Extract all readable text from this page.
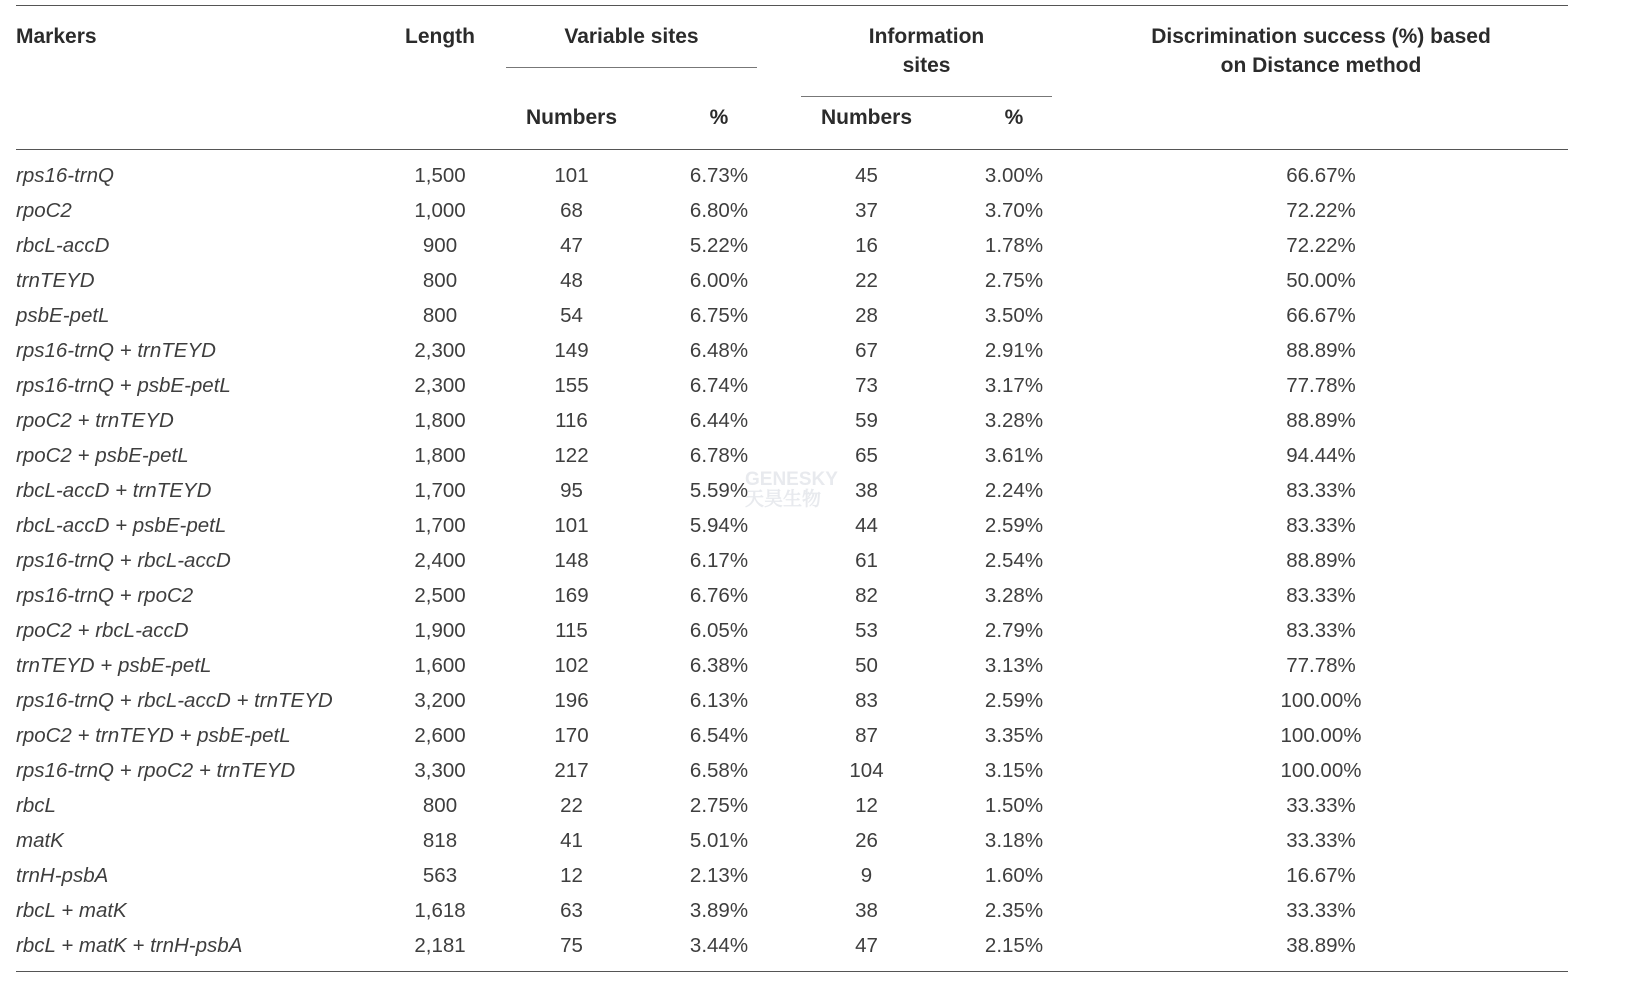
Markers	Length	Variable sites		Information sites		Discrimination success (%) based on Distance method

		Numbers	%	Numbers	%	

rps16-trnQ	1,500	101	6.73%	45	3.00%	66.67%
rpoC2	1,000	68	6.80%	37	3.70%	72.22%
rbcL-accD	900	47	5.22%	16	1.78%	72.22%
trnTEYD	800	48	6.00%	22	2.75%	50.00%
psbE-petL	800	54	6.75%	28	3.50%	66.67%
rps16-trnQ + trnTEYD	2,300	149	6.48%	67	2.91%	88.89%
rps16-trnQ + psbE-petL	2,300	155	6.74%	73	3.17%	77.78%
rpoC2 + trnTEYD	1,800	116	6.44%	59	3.28%	88.89%
rpoC2 + psbE-petL	1,800	122	6.78%	65	3.61%	94.44%
rbcL-accD + trnTEYD	1,700	95	5.59%	38	2.24%	83.33%
rbcL-accD + psbE-petL	1,700	101	5.94%	44	2.59%	83.33%
rps16-trnQ + rbcL-accD	2,400	148	6.17%	61	2.54%	88.89%
rps16-trnQ + rpoC2	2,500	169	6.76%	82	3.28%	83.33%
rpoC2 + rbcL-accD	1,900	115	6.05%	53	2.79%	83.33%
trnTEYD + psbE-petL	1,600	102	6.38%	50	3.13%	77.78%
rps16-trnQ + rbcL-accD + trnTEYD	3,200	196	6.13%	83	2.59%	100.00%
rpoC2 + trnTEYD + psbE-petL	2,600	170	6.54%	87	3.35%	100.00%
rps16-trnQ + rpoC2 + trnTEYD	3,300	217	6.58%	104	3.15%	100.00%
rbcL	800	22	2.75%	12	1.50%	33.33%
matK	818	41	5.01%	26	3.18%	33.33%
trnH-psbA	563	12	2.13%	9	1.60%	16.67%
rbcL + matK	1,618	63	3.89%	38	2.35%	33.33%
rbcL + matK + trnH-psbA	2,181	75	3.44%	47	2.15%	38.89%
GENESKY
天昊生物
